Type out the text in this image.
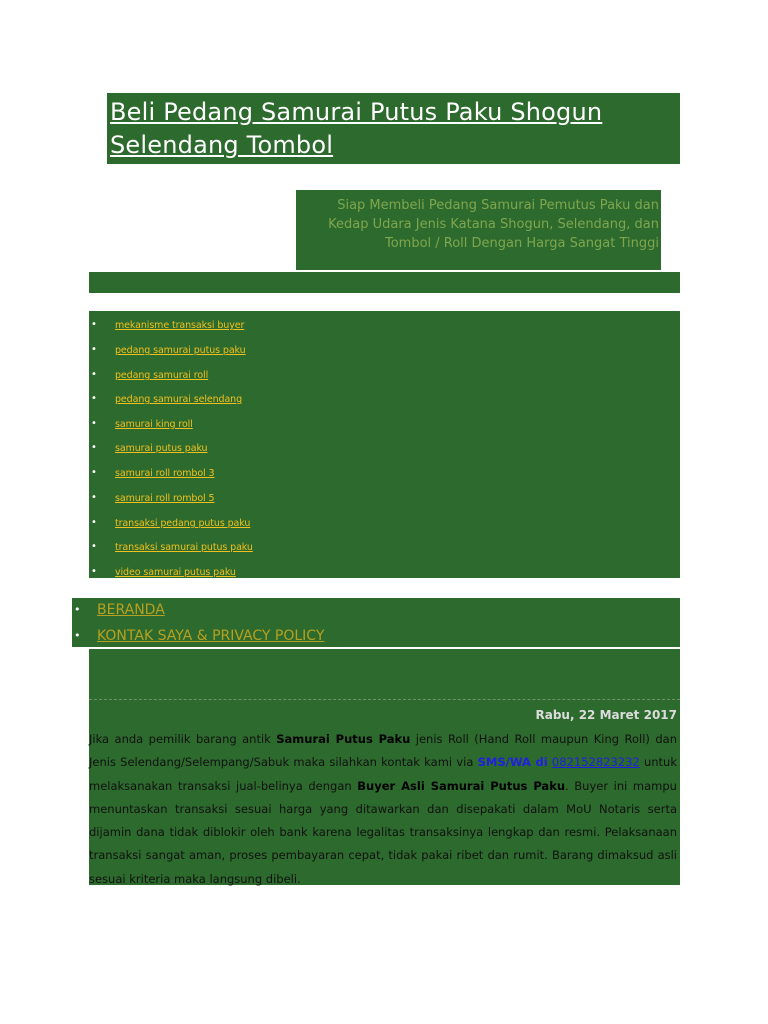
Beli Pedang Samurai Putus Paku Shogun Selendang Tombol

Siap Membeli Pedang Samurai Pemutus Paku dan Kedap Udara Jenis Katana Shogun, Selendang, dan Tombol / Roll Dengan Harga Sangat Tinggi

• mekanisme transaksi buyer
• pedang samurai putus paku
• pedang samurai roll
• pedang samurai selendang
• samurai king roll
• samurai putus paku
• samurai roll rombol 3
• samurai roll rombol 5
• transaksi pedang putus paku
• transaksi samurai putus paku
• video samurai putus paku
• BERANDA
• KONTAK SAYA & PRIVACY POLICY
Rabu, 22 Maret 2017

Jika anda pemilik barang antik Samurai Putus Paku jenis Roll (Hand Roll maupun King Roll) dan Jenis Selendang/Selempang/Sabuk maka silahkan kontak kami via SMS/WA di 082152823232 untuk melaksanakan transaksi jual-belinya dengan Buyer Asli Samurai Putus Paku. Buyer ini mampu menuntaskan transaksi sesuai harga yang ditawarkan dan disepakati dalam MoU Notaris serta dijamin dana tidak diblokir oleh bank karena legalitas transaksinya lengkap dan resmi. Pelaksanaan transaksi sangat aman, proses pembayaran cepat, tidak pakai ribet dan rumit. Barang dimaksud asli sesuai kriteria maka langsung dibeli.
